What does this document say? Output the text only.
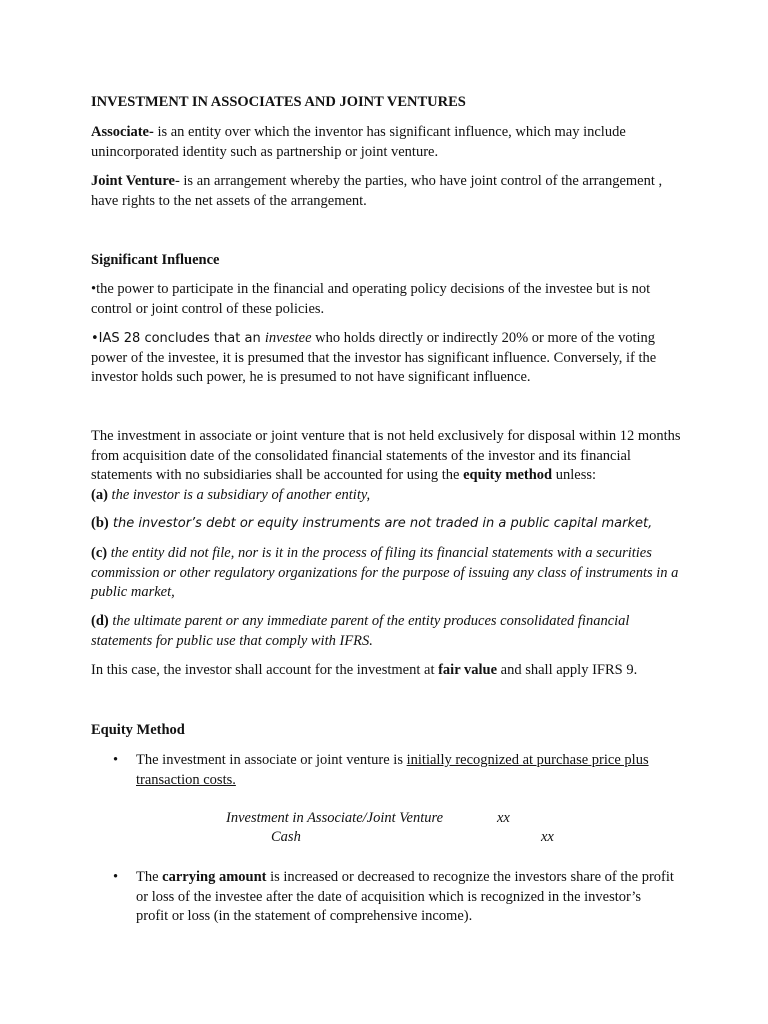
INVESTMENT IN ASSOCIATES AND JOINT VENTURES

Associate- is an entity over which the inventor has significant influence, which may include unincorporated identity such as partnership or joint venture.

Joint Venture- is an arrangement whereby the parties, who have joint control of the arrangement , have rights to the net assets of the arrangement.

Significant Influence

•the power to participate in the financial and operating policy decisions of the investee but is not control or joint control of these policies.

•IAS 28 concludes that an investee who holds directly or indirectly 20% or more of the voting power of the investee, it is presumed that the investor has significant influence. Conversely, if the investor holds such power, he is presumed to not have significant influence.

The investment in associate or joint venture that is not held exclusively for disposal within 12 months from acquisition date of the consolidated financial statements of the investor and its financial statements with no subsidiaries shall be accounted for using the equity method unless:
(a) the investor is a subsidiary of another entity,

(b) the investor’s debt or equity instruments are not traded in a public capital market,

(c) the entity did not file, nor is it in the process of filing its financial statements with a securities commission or other regulatory organizations for the purpose of issuing any class of instruments in a public market,

(d) the ultimate parent or any immediate parent of the entity produces consolidated financial statements for public use that comply with IFRS.

In this case, the investor shall account for the investment at fair value and shall apply IFRS 9.

Equity Method

• The investment in associate or joint venture is initially recognized at purchase price plus transaction costs.

Investment in Associate/Joint Venture	xx
Cash	xx
• The carrying amount is increased or decreased to recognize the investors share of the profit or loss of the investee after the date of acquisition which is recognized in the investor’s profit or loss (in the statement of comprehensive income).
